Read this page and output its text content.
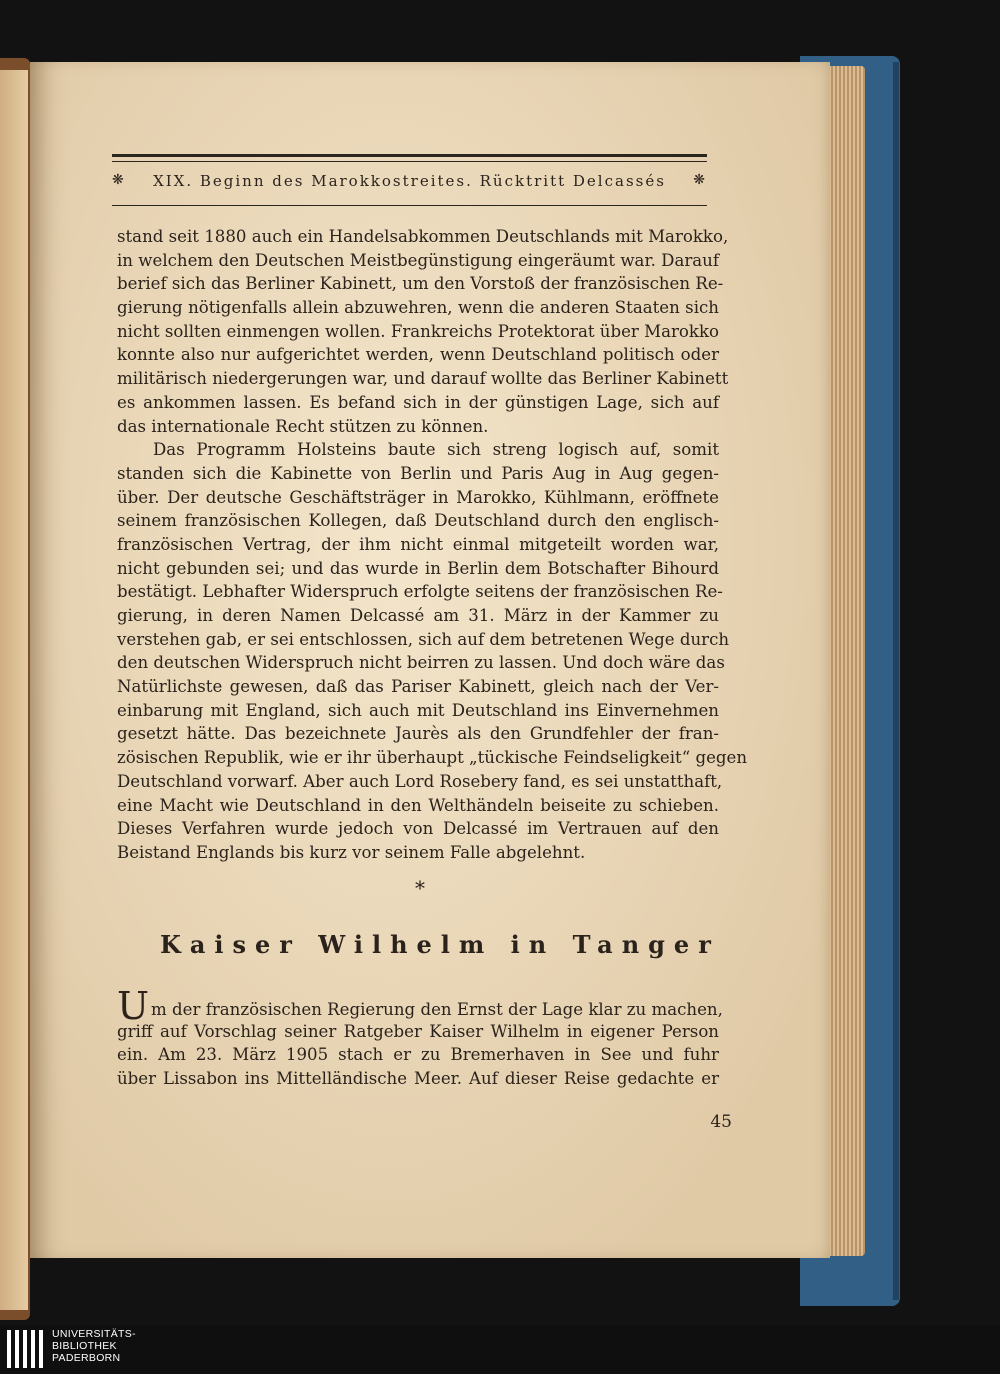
❋ XIX. Beginn des Marokkostreites. Rücktritt Delcassés ❋
stand seit 1880 auch ein Handelsabkommen Deutschlands mit Marokko,
in welchem den Deutschen Meistbegünstigung eingeräumt war. Darauf
berief sich das Berliner Kabinett, um den Vorstoß der französischen Re-
gierung nötigenfalls allein abzuwehren, wenn die anderen Staaten sich
nicht sollten einmengen wollen. Frankreichs Protektorat über Marokko
konnte also nur aufgerichtet werden, wenn Deutschland politisch oder
militärisch niedergerungen war, und darauf wollte das Berliner Kabinett
es ankommen lassen. Es befand sich in der günstigen Lage, sich auf
das internationale Recht stützen zu können.
Das Programm Holsteins baute sich streng logisch auf, somit
standen sich die Kabinette von Berlin und Paris Aug in Aug gegen-
über. Der deutsche Geschäftsträger in Marokko, Kühlmann, eröffnete
seinem französischen Kollegen, daß Deutschland durch den englisch-
französischen Vertrag, der ihm nicht einmal mitgeteilt worden war,
nicht gebunden sei; und das wurde in Berlin dem Botschafter Bihourd
bestätigt. Lebhafter Widerspruch erfolgte seitens der französischen Re-
gierung, in deren Namen Delcassé am 31. März in der Kammer zu
verstehen gab, er sei entschlossen, sich auf dem betretenen Wege durch
den deutschen Widerspruch nicht beirren zu lassen. Und doch wäre das
Natürlichste gewesen, daß das Pariser Kabinett, gleich nach der Ver-
einbarung mit England, sich auch mit Deutschland ins Einvernehmen
gesetzt hätte. Das bezeichnete Jaurès als den Grundfehler der fran-
zösischen Republik, wie er ihr überhaupt „tückische Feindseligkeit“ gegen
Deutschland vorwarf. Aber auch Lord Rosebery fand, es sei unstatthaft,
eine Macht wie Deutschland in den Welthändeln beiseite zu schieben.
Dieses Verfahren wurde jedoch von Delcassé im Vertrauen auf den
Beistand Englands bis kurz vor seinem Falle abgelehnt.
*
Kaiser Wilhelm in Tanger
Um der französischen Regierung den Ernst der Lage klar zu machen,
griff auf Vorschlag seiner Ratgeber Kaiser Wilhelm in eigener Person
ein. Am 23. März 1905 stach er zu Bremerhaven in See und fuhr
über Lissabon ins Mittelländische Meer. Auf dieser Reise gedachte er
45
UNIVERSITÄTS-
BIBLIOTHEK
PADERBORN
